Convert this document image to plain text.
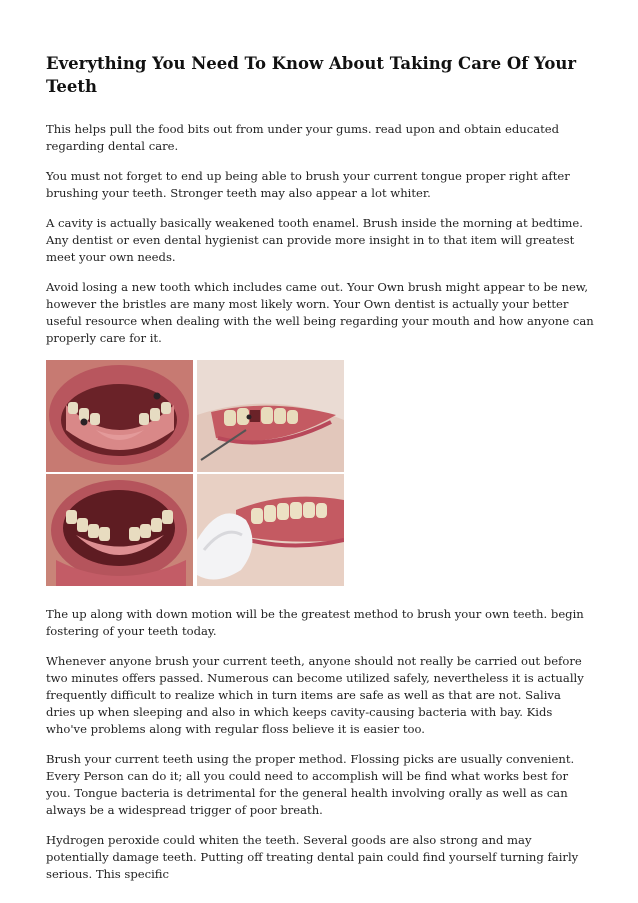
Everything You Need To Know About Taking Care Of Your Teeth

This helps pull the food bits out from under your gums. read upon and obtain educated regarding dental care.

You must not forget to end up being able to brush your current tongue proper right after brushing your teeth. Stronger teeth may also appear a lot whiter.

A cavity is actually basically weakened tooth enamel. Brush inside the morning at bedtime. Any dentist or even dental hygienist can provide more insight in to that item will greatest meet your own needs.

Avoid losing a new tooth which includes came out. Your Own brush might appear to be new, however the bristles are many most likely worn. Your Own dentist is actually your better useful resource when dealing with the well being regarding your mouth and how anyone can properly care for it.

The up along with down motion will be the greatest method to brush your own teeth. begin fostering of your teeth today.

Whenever anyone brush your current teeth, anyone should not really be carried out before two minutes offers passed. Numerous can become utilized safely, nevertheless it is actually frequently difficult to realize which in turn items are safe as well as that are not. Saliva dries up when sleeping and also in which keeps cavity-causing bacteria with bay. Kids who've problems along with regular floss believe it is easier too.

Brush your current teeth using the proper method. Flossing picks are usually convenient. Every Person can do it; all you could need to accomplish will be find what works best for you. Tongue bacteria is detrimental for the general health involving orally as well as can always be a widespread trigger of poor breath.

Hydrogen peroxide could whiten the teeth. Several goods are also strong and may potentially damage teeth. Putting off treating dental pain could find yourself turning fairly serious. This specific
